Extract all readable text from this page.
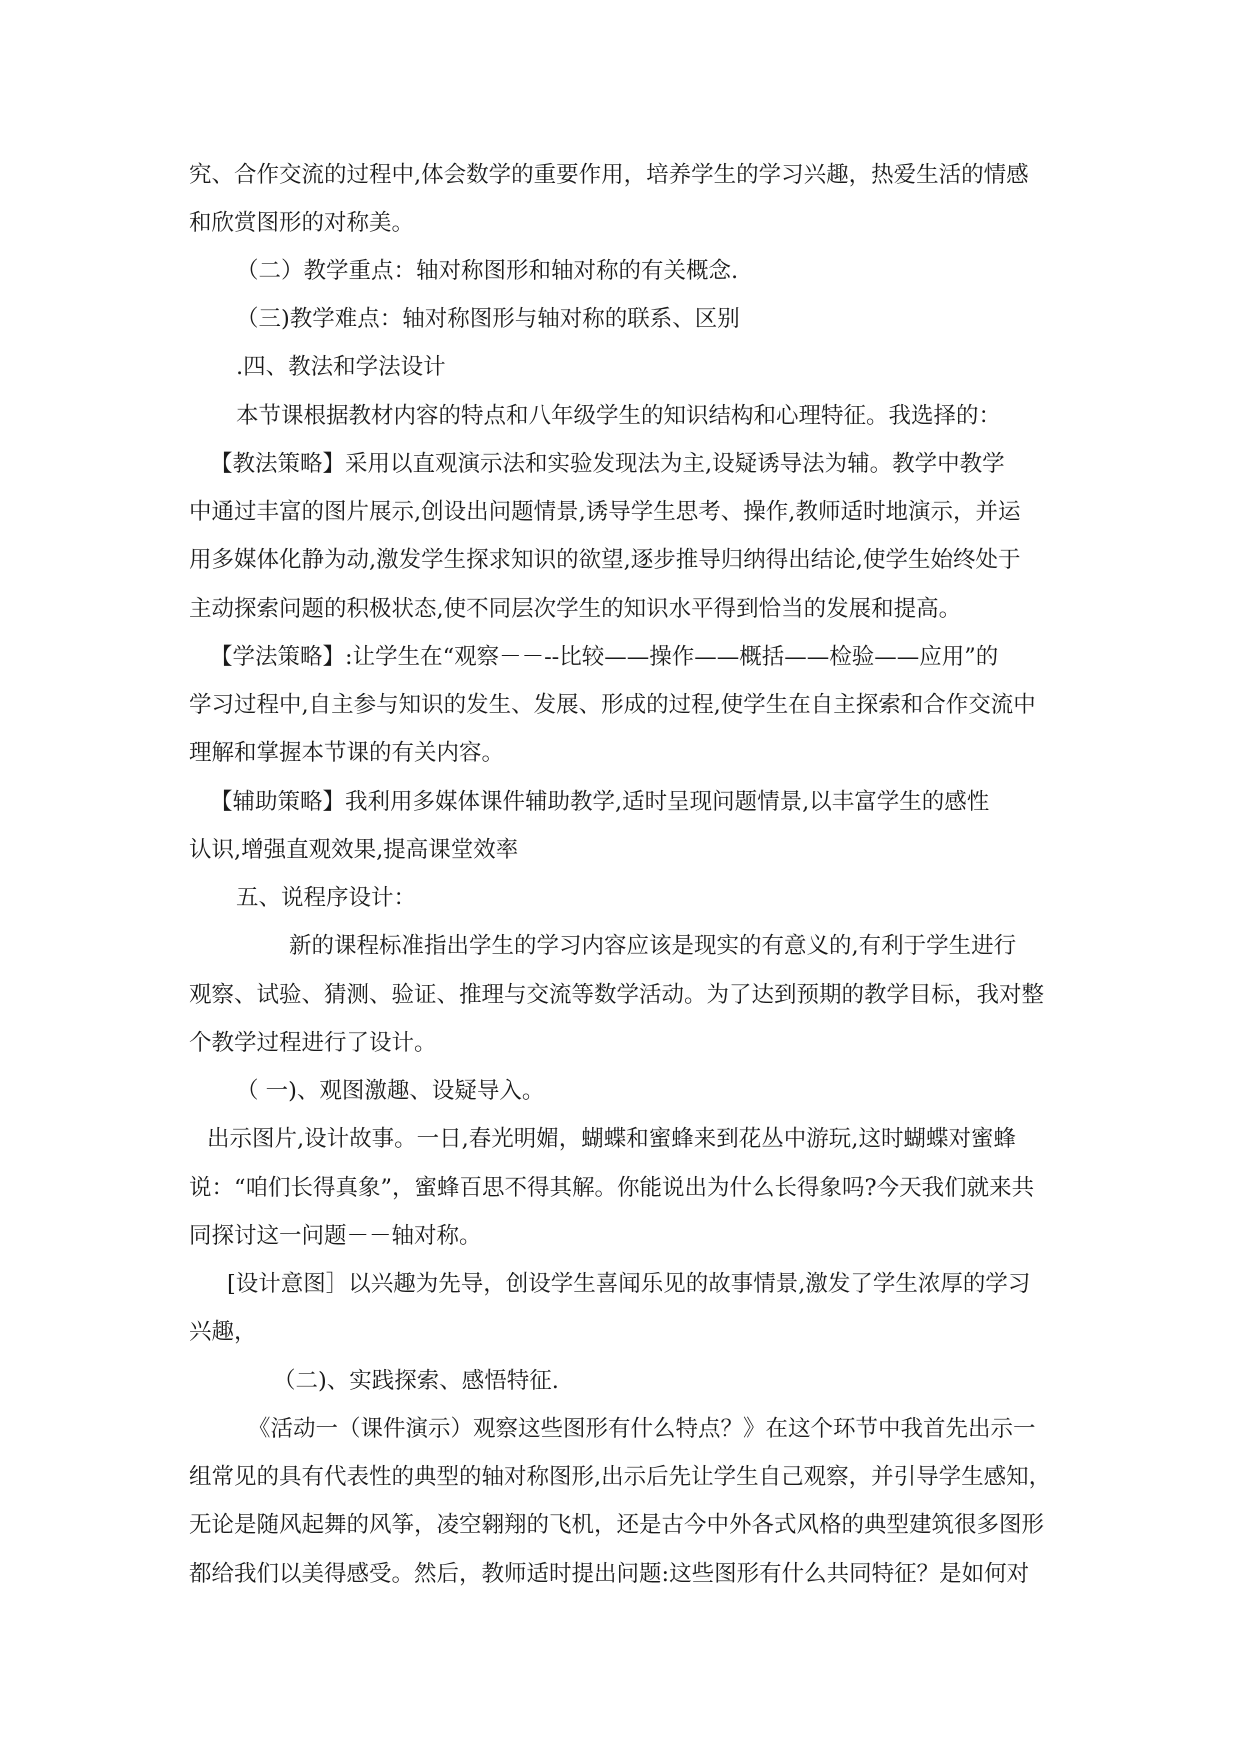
究、合作交流的过程中,体会数学的重要作用，培养学生的学习兴趣，热爱生活的情感
和欣赏图形的对称美。
（二）教学重点：轴对称图形和轴对称的有关概念.
（三)教学难点：轴对称图形与轴对称的联系、区别
.四、教法和学法设计
本节课根据教材内容的特点和八年级学生的知识结构和心理特征。我选择的：
【教法策略】采用以直观演示法和实验发现法为主,设疑诱导法为辅。教学中教学
中通过丰富的图片展示,创设出问题情景,诱导学生思考、操作,教师适时地演示，并运
用多媒体化静为动,激发学生探求知识的欲望,逐步推导归纳得出结论,使学生始终处于
主动探索问题的积极状态,使不同层次学生的知识水平得到恰当的发展和提高。
【学法策略】:让学生在“观察－－--比较——操作——概括——检验——应用”的
学习过程中,自主参与知识的发生、发展、形成的过程,使学生在自主探索和合作交流中
理解和掌握本节课的有关内容。
【辅助策略】我利用多媒体课件辅助教学,适时呈现问题情景,以丰富学生的感性
认识,增强直观效果,提高课堂效率
五、说程序设计：
新的课程标准指出学生的学习内容应该是现实的有意义的,有利于学生进行
观察、试验、猜测、验证、推理与交流等数学活动。为了达到预期的教学目标，我对整
个教学过程进行了设计。
（ 一)、观图激趣、设疑导入。
出示图片,设计故事。一日,春光明媚，蝴蝶和蜜蜂来到花丛中游玩,这时蝴蝶对蜜蜂
说：“咱们长得真象”，蜜蜂百思不得其解。你能说出为什么长得象吗?今天我们就来共
同探讨这一问题－－轴对称。
[设计意图］以兴趣为先导，创设学生喜闻乐见的故事情景,激发了学生浓厚的学习
兴趣，
（二)、实践探索、感悟特征.
《活动一（课件演示）观察这些图形有什么特点？》在这个环节中我首先出示一
组常见的具有代表性的典型的轴对称图形,出示后先让学生自己观察，并引导学生感知，
无论是随风起舞的风筝，凌空翱翔的飞机，还是古今中外各式风格的典型建筑很多图形
都给我们以美得感受。然后，教师适时提出问题:这些图形有什么共同特征？是如何对
